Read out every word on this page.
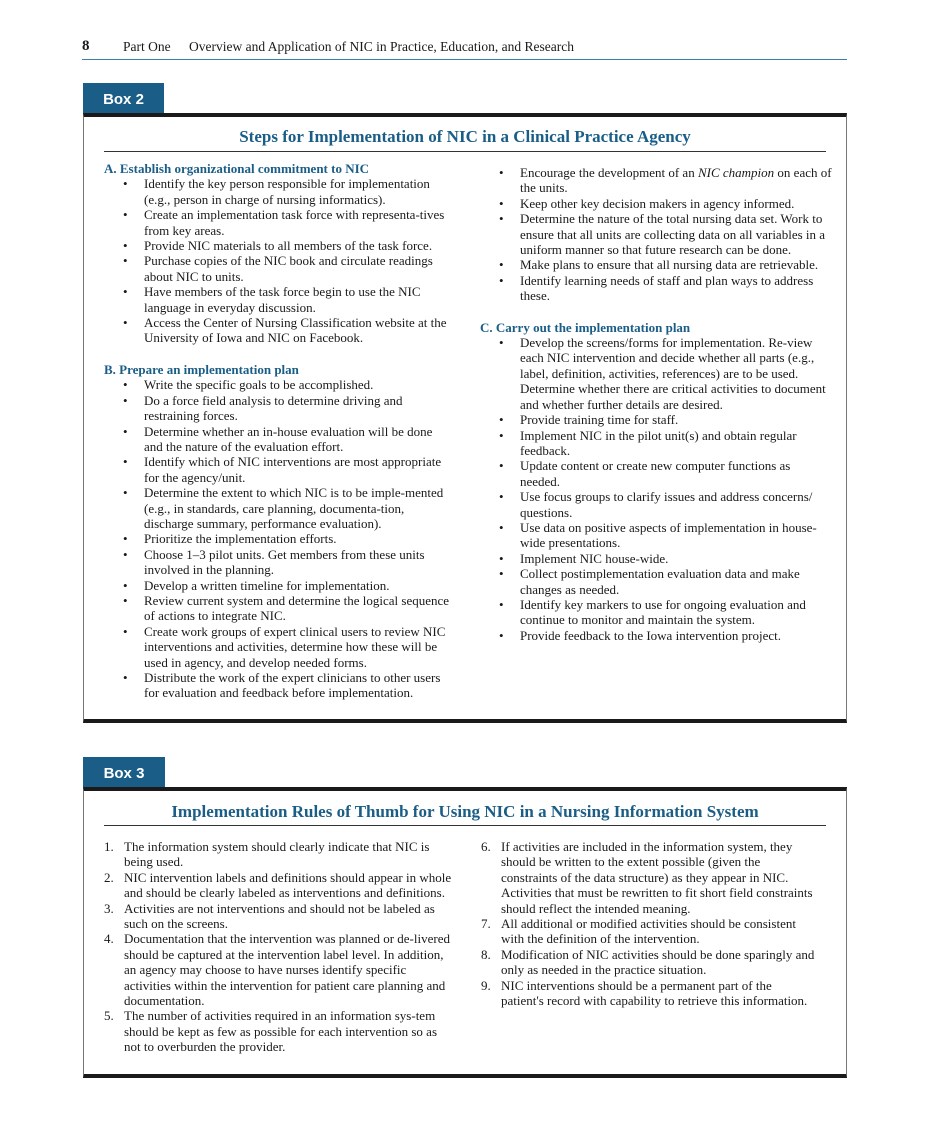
8 Part One Overview and Application of NIC in Practice, Education, and Research
Box 2
Steps for Implementation of NIC in a Clinical Practice Agency
A. Establish organizational commitment to NIC
• Identify the key person responsible for implementation (e.g., person in charge of nursing informatics).
• Create an implementation task force with representa-tives from key areas.
• Provide NIC materials to all members of the task force.
• Purchase copies of the NIC book and circulate readings about NIC to units.
• Have members of the task force begin to use the NIC language in everyday discussion.
• Access the Center of Nursing Classification website at the University of Iowa and NIC on Facebook.
B. Prepare an implementation plan
• Write the specific goals to be accomplished.
• Do a force field analysis to determine driving and restraining forces.
• Determine whether an in-house evaluation will be done and the nature of the evaluation effort.
• Identify which of NIC interventions are most appropriate for the agency/unit.
• Determine the extent to which NIC is to be imple-mented (e.g., in standards, care planning, documenta-tion, discharge summary, performance evaluation).
• Prioritize the implementation efforts.
• Choose 1–3 pilot units. Get members from these units involved in the planning.
• Develop a written timeline for implementation.
• Review current system and determine the logical sequence of actions to integrate NIC.
• Create work groups of expert clinical users to review NIC interventions and activities, determine how these will be used in agency, and develop needed forms.
• Distribute the work of the expert clinicians to other users for evaluation and feedback before implementation.
• Encourage the development of an NIC champion on each of the units.
• Keep other key decision makers in agency informed.
• Determine the nature of the total nursing data set. Work to ensure that all units are collecting data on all variables in a uniform manner so that future research can be done.
• Make plans to ensure that all nursing data are retrievable.
• Identify learning needs of staff and plan ways to address these.
C. Carry out the implementation plan
• Develop the screens/forms for implementation. Re-view each NIC intervention and decide whether all parts (e.g., label, definition, activities, references) are to be used. Determine whether there are critical activities to document and whether further details are desired.
• Provide training time for staff.
• Implement NIC in the pilot unit(s) and obtain regular feedback.
• Update content or create new computer functions as needed.
• Use focus groups to clarify issues and address concerns/ questions.
• Use data on positive aspects of implementation in house-wide presentations.
• Implement NIC house-wide.
• Collect postimplementation evaluation data and make changes as needed.
• Identify key markers to use for ongoing evaluation and continue to monitor and maintain the system.
• Provide feedback to the Iowa intervention project.
Box 3
Implementation Rules of Thumb for Using NIC in a Nursing Information System
1. The information system should clearly indicate that NIC is being used.
2. NIC intervention labels and definitions should appear in whole and should be clearly labeled as interventions and definitions.
3. Activities are not interventions and should not be labeled as such on the screens.
4. Documentation that the intervention was planned or de-livered should be captured at the intervention label level. In addition, an agency may choose to have nurses identify specific activities within the intervention for patient care planning and documentation.
5. The number of activities required in an information sys-tem should be kept as few as possible for each intervention so as not to overburden the provider.
6. If activities are included in the information system, they should be written to the extent possible (given the constraints of the data structure) as they appear in NIC. Activities that must be rewritten to fit short field constraints should reflect the intended meaning.
7. All additional or modified activities should be consistent with the definition of the intervention.
8. Modification of NIC activities should be done sparingly and only as needed in the practice situation.
9. NIC interventions should be a permanent part of the patient's record with capability to retrieve this information.
